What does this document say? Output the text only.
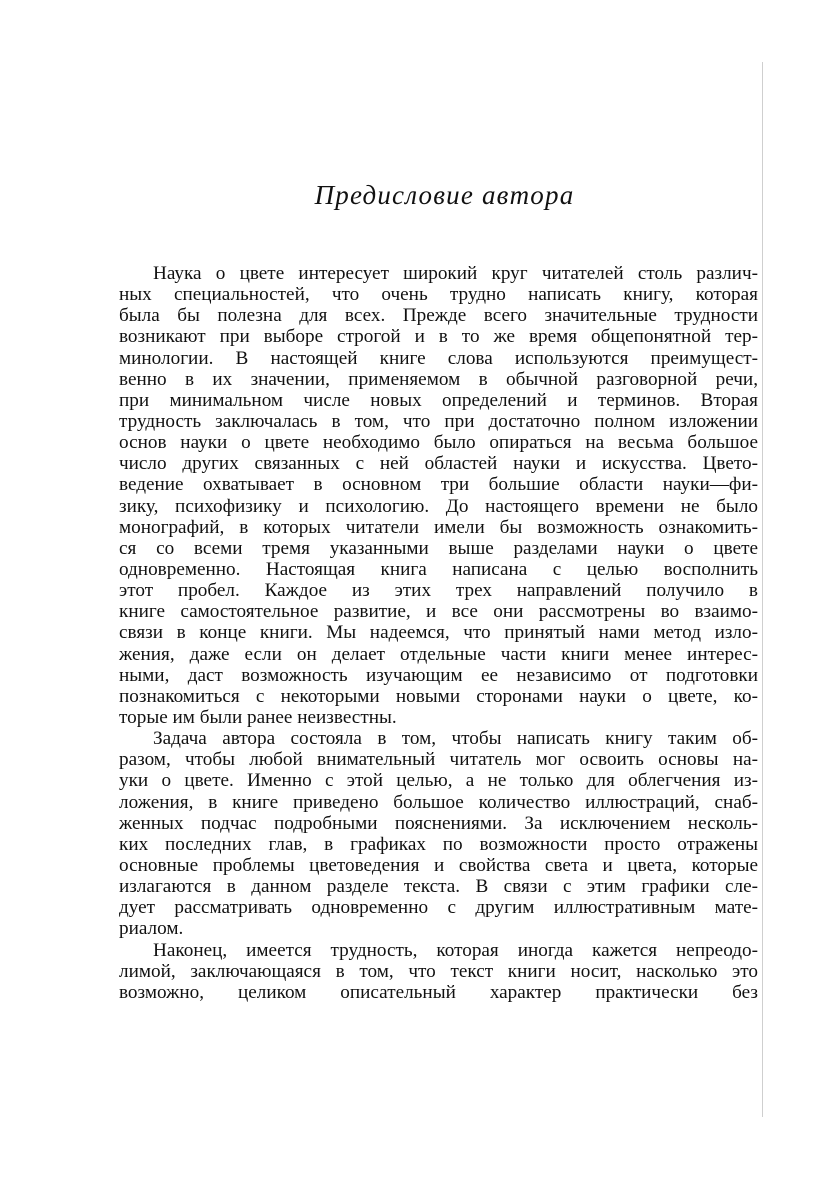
Предисловие автора
Наука о цвете интересует широкий круг читателей столь различ-
ных специальностей, что очень трудно написать книгу, которая
была бы полезна для всех. Прежде всего значительные трудности
возникают при выборе строгой и в то же время общепонятной тер-
минологии. В настоящей книге слова используются преимущест-
венно в их значении, применяемом в обычной разговорной речи,
при минимальном числе новых определений и терминов. Вторая
трудность заключалась в том, что при достаточно полном изложении
основ науки о цвете необходимо было опираться на весьма большое
число других связанных с ней областей науки и искусства. Цвето-
ведение охватывает в основном три большие области науки—фи-
зику, психофизику и психологию. До настоящего времени не было
монографий, в которых читатели имели бы возможность ознакомить-
ся со всеми тремя указанными выше разделами науки о цвете
одновременно. Настоящая книга написана с целью восполнить
этот пробел. Каждое из этих трех направлений получило в
книге самостоятельное развитие, и все они рассмотрены во взаимо-
связи в конце книги. Мы надеемся, что принятый нами метод изло-
жения, даже если он делает отдельные части книги менее интерес-
ными, даст возможность изучающим ее независимо от подготовки
познакомиться с некоторыми новыми сторонами науки о цвете, ко-
торые им были ранее неизвестны.
Задача автора состояла в том, чтобы написать книгу таким об-
разом, чтобы любой внимательный читатель мог освоить основы на-
уки о цвете. Именно с этой целью, а не только для облегчения из-
ложения, в книге приведено большое количество иллюстраций, снаб-
женных подчас подробными пояснениями. За исключением несколь-
ких последних глав, в графиках по возможности просто отражены
основные проблемы цветоведения и свойства света и цвета, которые
излагаются в данном разделе текста. В связи с этим графики сле-
дует рассматривать одновременно с другим иллюстративным мате-
риалом.
Наконец, имеется трудность, которая иногда кажется непреодо-
лимой, заключающаяся в том, что текст книги носит, насколько это
возможно, целиком описательный характер практически без
